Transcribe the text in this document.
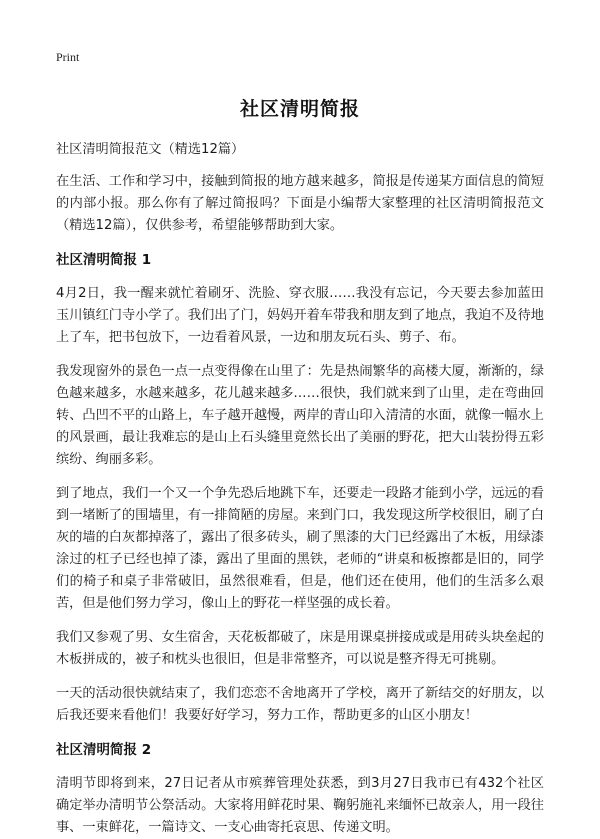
Print
社区清明简报

社区清明简报范文（精选12篇）

在生活、工作和学习中，接触到简报的地方越来越多，简报是传递某方面信息的简短的内部小报。那么你有了解过简报吗？下面是小编帮大家整理的社区清明简报范文（精选12篇），仅供参考，希望能够帮助到大家。

社区清明简报 1

4月2日，我一醒来就忙着刷牙、洗脸、穿衣服……我没有忘记，今天要去参加蓝田玉川镇红门寺小学了。我们出了门，妈妈开着车带我和朋友到了地点，我迫不及待地上了车，把书包放下，一边看着风景，一边和朋友玩石头、剪子、布。

我发现窗外的景色一点一点变得像在山里了：先是热闹繁华的高楼大厦，渐渐的，绿色越来越多，水越来越多，花儿越来越多……很快，我们就来到了山里，走在弯曲回转、凸凹不平的山路上，车子越开越慢，两岸的青山印入清清的水面，就像一幅水上的风景画，最让我难忘的是山上石头缝里竟然长出了美丽的野花，把大山装扮得五彩缤纷、绚丽多彩。

到了地点，我们一个又一个争先恐后地跳下车，还要走一段路才能到小学，远远的看到一堵断了的围墙里，有一排简陋的房屋。来到门口，我发现这所学校很旧，刷了白灰的墙的白灰都掉落了，露出了很多砖头，刷了黑漆的大门已经露出了木板，用绿漆涂过的杠子已经也掉了漆，露出了里面的黑铁，老师的“讲桌和板擦都是旧的，同学们的椅子和桌子非常破旧，虽然很难看，但是，他们还在使用，他们的生活多么艰苦，但是他们努力学习，像山上的野花一样坚强的成长着。

我们又参观了男、女生宿舍，天花板都破了，床是用课桌拼接成或是用砖头块垒起的木板拼成的，被子和枕头也很旧，但是非常整齐，可以说是整齐得无可挑剔。

一天的活动很快就结束了，我们恋恋不舍地离开了学校，离开了新结交的好朋友，以后我还要来看他们！我要好好学习，努力工作，帮助更多的山区小朋友！

社区清明简报 2

清明节即将到来，27日记者从市殡葬管理处获悉，到3月27日我市已有432个社区确定举办清明节公祭活动。大家将用鲜花时果、鞠躬施礼来缅怀已故亲人，用一段往事、一束鲜花，一篇诗文、一支心曲寄托哀思、传递文明。
